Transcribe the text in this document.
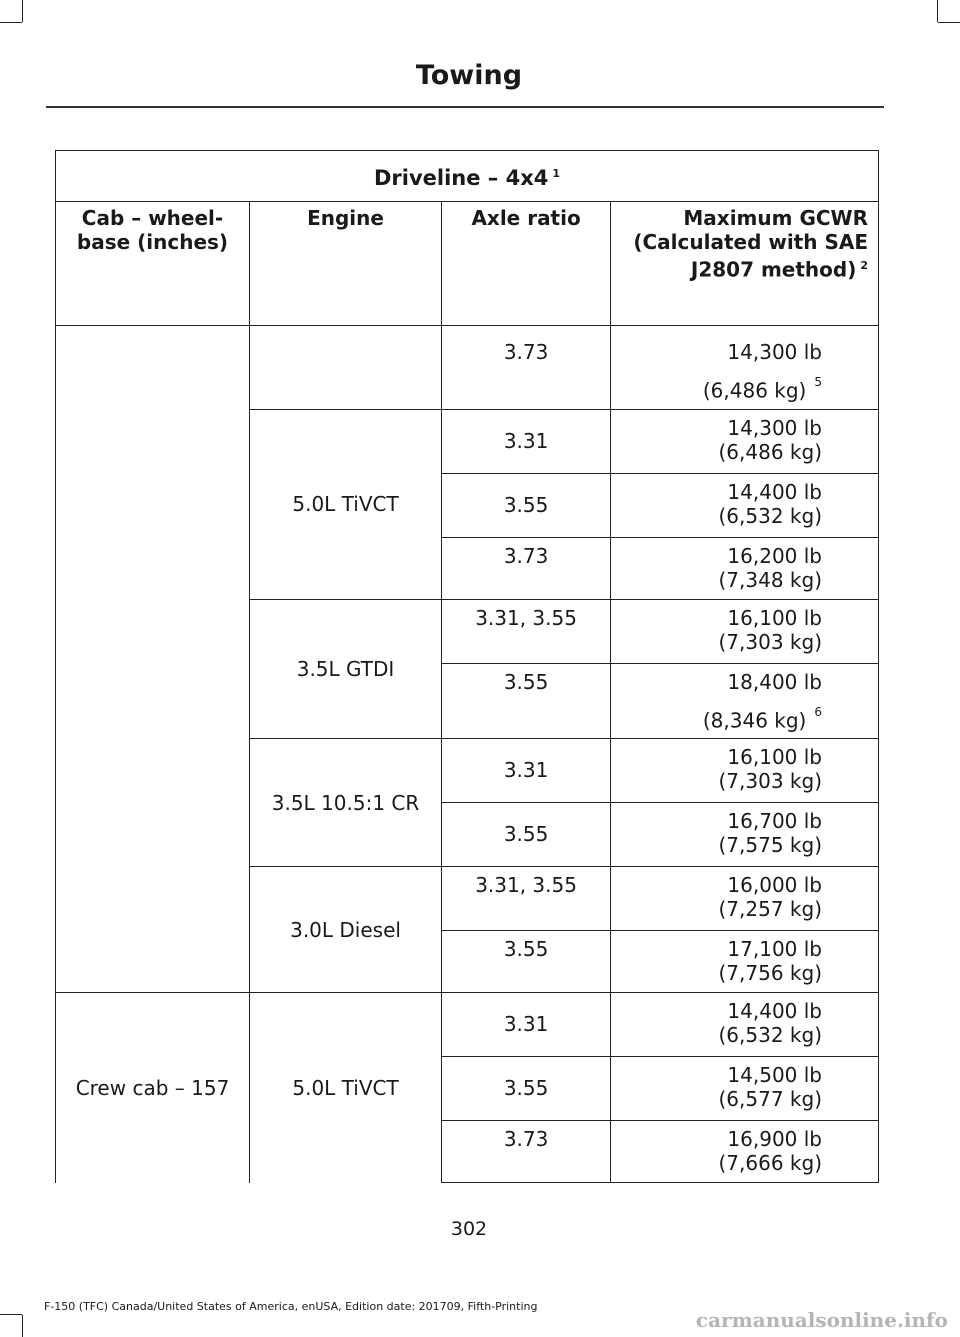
Towing
Driveline – 4x4 $^1$
Cab – wheel-base (inches)	Engine	Axle ratio	Maximum GCWR (Calculated with SAE J2807 method) $^2$
		3.73	14,300 lb
(6,486 kg) $^5$

	5.0L TiVCT	3.31	14,300 lb
(6,486 kg)

		3.55	14,400 lb
(6,532 kg)

		3.73	16,200 lb
(7,348 kg)

	3.5L GTDI	3.31, 3.55	16,100 lb
(7,303 kg)

		3.55	18,400 lb
(8,346 kg) $^6$

	3.5L 10.5:1 CR	3.31	16,100 lb
(7,303 kg)

		3.55	16,700 lb
(7,575 kg)

	3.0L Diesel	3.31, 3.55	16,000 lb
(7,257 kg)

		3.55	17,100 lb
(7,756 kg)

Crew cab – 157	5.0L TiVCT	3.31	14,400 lb
(6,532 kg)

		3.55	14,500 lb
(6,577 kg)

		3.73	16,900 lb
(7,666 kg)
302
F-150 (TFC) Canada/United States of America, enUSA, Edition date: 201709, Fifth-Printing
carmanualsonline.info
